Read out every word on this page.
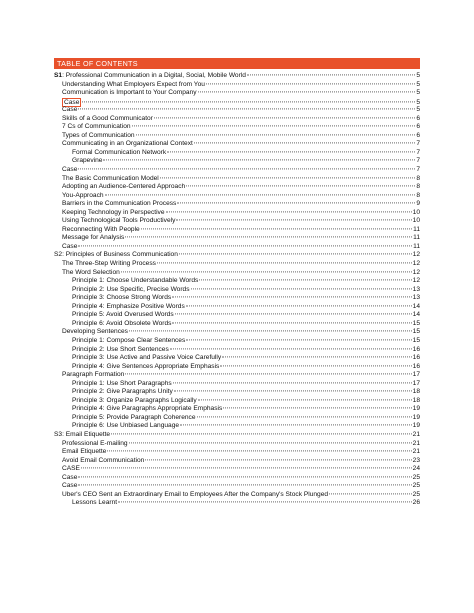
TABLE OF CONTENTS
S1: Professional Communication in a Digital, Social, Mobile World	5
Understanding What Employers Expect from You	5
Communication is Important to Your Company	5
Case	5
Case	5
Skills of a Good Communicator	6
7 Cs of Communication	6
Types of Communication	6
Communicating in an Organizational Context	7
Formal Communication Network	7
Grapevine	7
Case	7
The Basic Communication Model	8
Adopting an Audience-Centered Approach	8
You-Approach	8
Barriers in the Communication Process	9
Keeping Technology in Perspective	10
Using Technological Tools Productively	10
Reconnecting With People	11
Message for Analysis	11
Case	11
S2: Principles of Business Communication	12
The Three-Step Writing Process	12
The Word Selection	12
Principle 1: Choose Understandable Words	12
Principle 2: Use Specific, Precise Words	13
Principle 3: Choose Strong Words	13
Principle 4: Emphasize Positive Words	14
Principle 5: Avoid Overused Words	14
Principle 6: Avoid Obsolete Words	15
Developing Sentences	15
Principle 1: Compose Clear Sentences	15
Principle 2: Use Short Sentences	16
Principle 3: Use Active and Passive Voice Carefully	16
Principle 4: Give Sentences Appropriate Emphasis	16
Paragraph Formation	17
Principle 1: Use Short Paragraphs	17
Principle 2: Give Paragraphs Unity	18
Principle 3: Organize Paragraphs Logically	18
Principle 4: Give Paragraphs Appropriate Emphasis	19
Principle 5: Provide Paragraph Coherence	19
Principle 6: Use Unbiased Language	19
S3: Email Etiquette	21
Professional E-mailing	21
Email Etiquette	21
Avoid Email Communication	23
CASE	24
Case	25
Case	25
Uber's CEO Sent an Extraordinary Email to Employees After the Company's Stock Plunged	25
Lessons Learnt	26
